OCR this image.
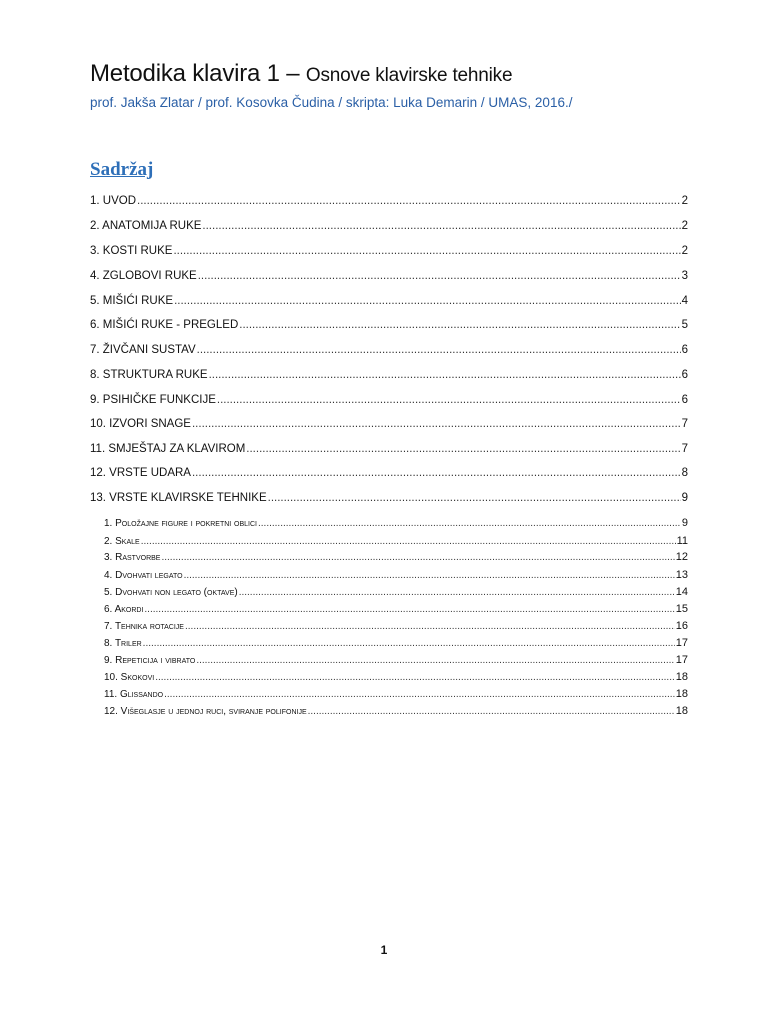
Metodika klavira 1 – Osnove klavirske tehnike
prof. Jakša Zlatar / prof. Kosovka Čudina / skripta: Luka Demarin / UMAS, 2016./
Sadržaj
1. UVOD .....	2
2. ANATOMIJA RUKE .....	2
3. KOSTI RUKE .....	2
4. ZGLOBOVI RUKE .....	3
5. MIŠIĆI RUKE .....	4
6. MIŠIĆI RUKE - PREGLED .....	5
7. ŽIVČANI SUSTAV .....	6
8. STRUKTURA RUKE .....	6
9. PSIHIČKE FUNKCIJE .....	6
10. IZVORI SNAGE .....	7
11. SMJEŠTAJ ZA KLAVIROM .....	7
12. VRSTE UDARA .....	8
13. VRSTE KLAVIRSKE TEHNIKE .....	9
1. Položajne figure i pokretni oblici .....	9
2. Skale .....	11
3. Rastvorbe .....	12
4. Dvohvati legato .....	13
5. Dvohvati non legato (oktave) .....	14
6. Akordi .....	15
7. Tehnika rotacije .....	16
8. Triler .....	17
9. Repeticija i vibrato .....	17
10. Skokovi .....	18
11. Glissando .....	18
12. Višeglasje u jednoj ruci, sviranje polifonije .....	18
1
